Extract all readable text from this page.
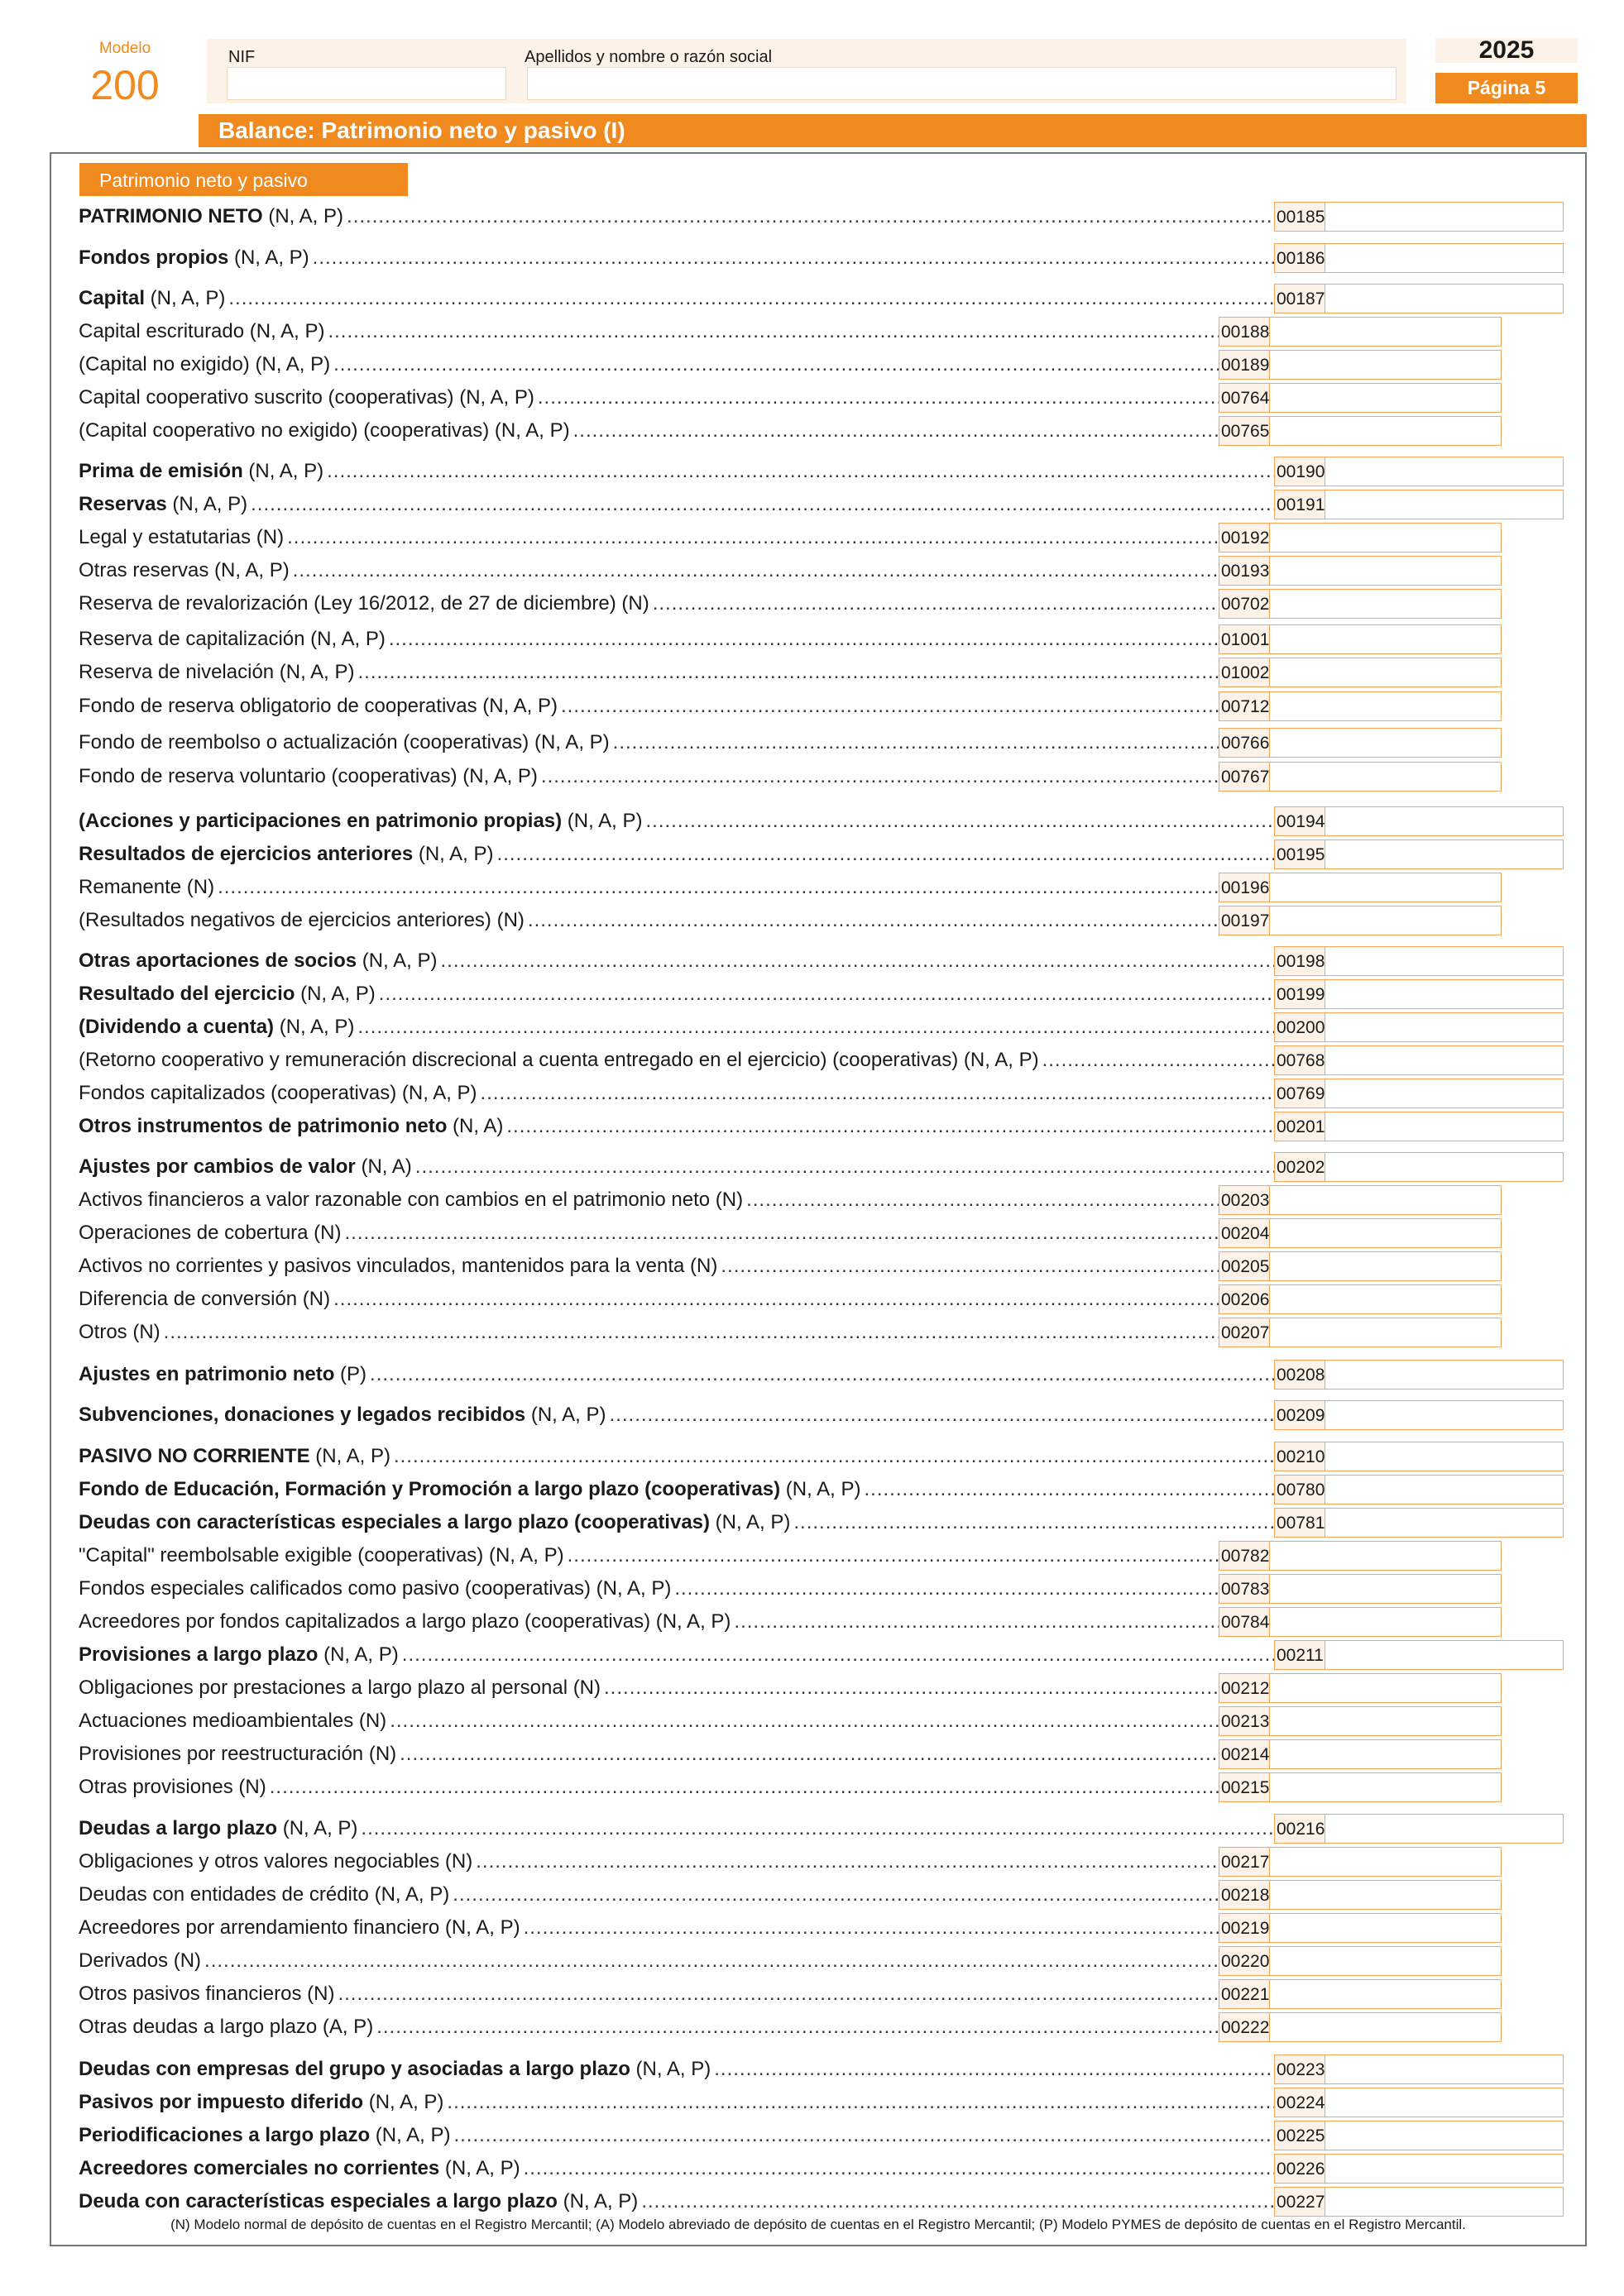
Modelo
200
NIF	Apellidos y nombre o razón social	2025
Página 5
Balance: Patrimonio neto y pasivo (I)
Patrimonio neto y pasivo
PATRIMONIO NETO (N, A, P) .....	00185
Fondos propios (N, A, P) .....	00186
Capital (N, A, P) .....	00187
Capital escriturado (N, A, P) .....	00188
(Capital no exigido) (N, A, P) .....	00189
Capital cooperativo suscrito (cooperativas) (N, A, P) .....	00764
(Capital cooperativo no exigido) (cooperativas) (N, A, P) .....	00765
Prima de emisión (N, A, P) .....	00190
Reservas (N, A, P) .....	00191
Legal y estatutarias (N) .....	00192
Otras reservas (N, A, P) .....	00193
Reserva de revalorización (Ley 16/2012, de 27 de diciembre) (N) .....	00702
Reserva de capitalización (N, A, P) .....	01001
Reserva de nivelación (N, A, P) .....	01002
Fondo de reserva obligatorio de cooperativas (N, A, P) .....	00712
Fondo de reembolso o actualización (cooperativas) (N, A, P) .....	00766
Fondo de reserva voluntario (cooperativas) (N, A, P) .....	00767
(Acciones y participaciones en patrimonio propias) (N, A, P) .....	00194
Resultados de ejercicios anteriores (N, A, P) .....	00195
Remanente (N) .....	00196
(Resultados negativos de ejercicios anteriores) (N) .....	00197
Otras aportaciones de socios (N, A, P) .....	00198
Resultado del ejercicio (N, A, P) .....	00199
(Dividendo a cuenta) (N, A, P) .....	00200
(Retorno cooperativo y remuneración discrecional a cuenta entregado en el ejercicio) (cooperativas) (N, A, P) .....	00768
Fondos capitalizados (cooperativas) (N, A, P) .....	00769
Otros instrumentos de patrimonio neto (N, A) .....	00201
Ajustes por cambios de valor (N, A) .....	00202
Activos financieros a valor razonable con cambios en el patrimonio neto (N) .....	00203
Operaciones de cobertura (N) .....	00204
Activos no corrientes y pasivos vinculados, mantenidos para la venta (N) .....	00205
Diferencia de conversión (N) .....	00206
Otros (N) .....	00207
Ajustes en patrimonio neto (P) .....	00208
Subvenciones, donaciones y legados recibidos (N, A, P) .....	00209
PASIVO NO CORRIENTE (N, A, P) .....	00210
Fondo de Educación, Formación y Promoción a largo plazo (cooperativas) (N, A, P) .....	00780
Deudas con características especiales a largo plazo (cooperativas) (N, A, P) .....	00781
"Capital" reembolsable exigible (cooperativas) (N, A, P) .....	00782
Fondos especiales calificados como pasivo (cooperativas) (N, A, P) .....	00783
Acreedores por fondos capitalizados a largo plazo (cooperativas) (N, A, P) .....	00784
Provisiones a largo plazo (N, A, P) .....	00211
Obligaciones por prestaciones a largo plazo al personal (N) .....	00212
Actuaciones medioambientales (N) .....	00213
Provisiones por reestructuración (N) .....	00214
Otras provisiones (N) .....	00215
Deudas a largo plazo (N, A, P) .....	00216
Obligaciones y otros valores negociables (N) .....	00217
Deudas con entidades de crédito (N, A, P) .....	00218
Acreedores por arrendamiento financiero (N, A, P) .....	00219
Derivados (N) .....	00220
Otros pasivos financieros (N) .....	00221
Otras deudas a largo plazo (A, P) .....	00222
Deudas con empresas del grupo y asociadas a largo plazo (N, A, P) .....	00223
Pasivos por impuesto diferido (N, A, P) .....	00224
Periodificaciones a largo plazo (N, A, P) .....	00225
Acreedores comerciales no corrientes (N, A, P) .....	00226
Deuda con características especiales a largo plazo (N, A, P) .....	00227
(N) Modelo normal de depósito de cuentas en el Registro Mercantil; (A) Modelo abreviado de depósito de cuentas en el Registro Mercantil; (P) Modelo PYMES de depósito de cuentas en el Registro Mercantil.
